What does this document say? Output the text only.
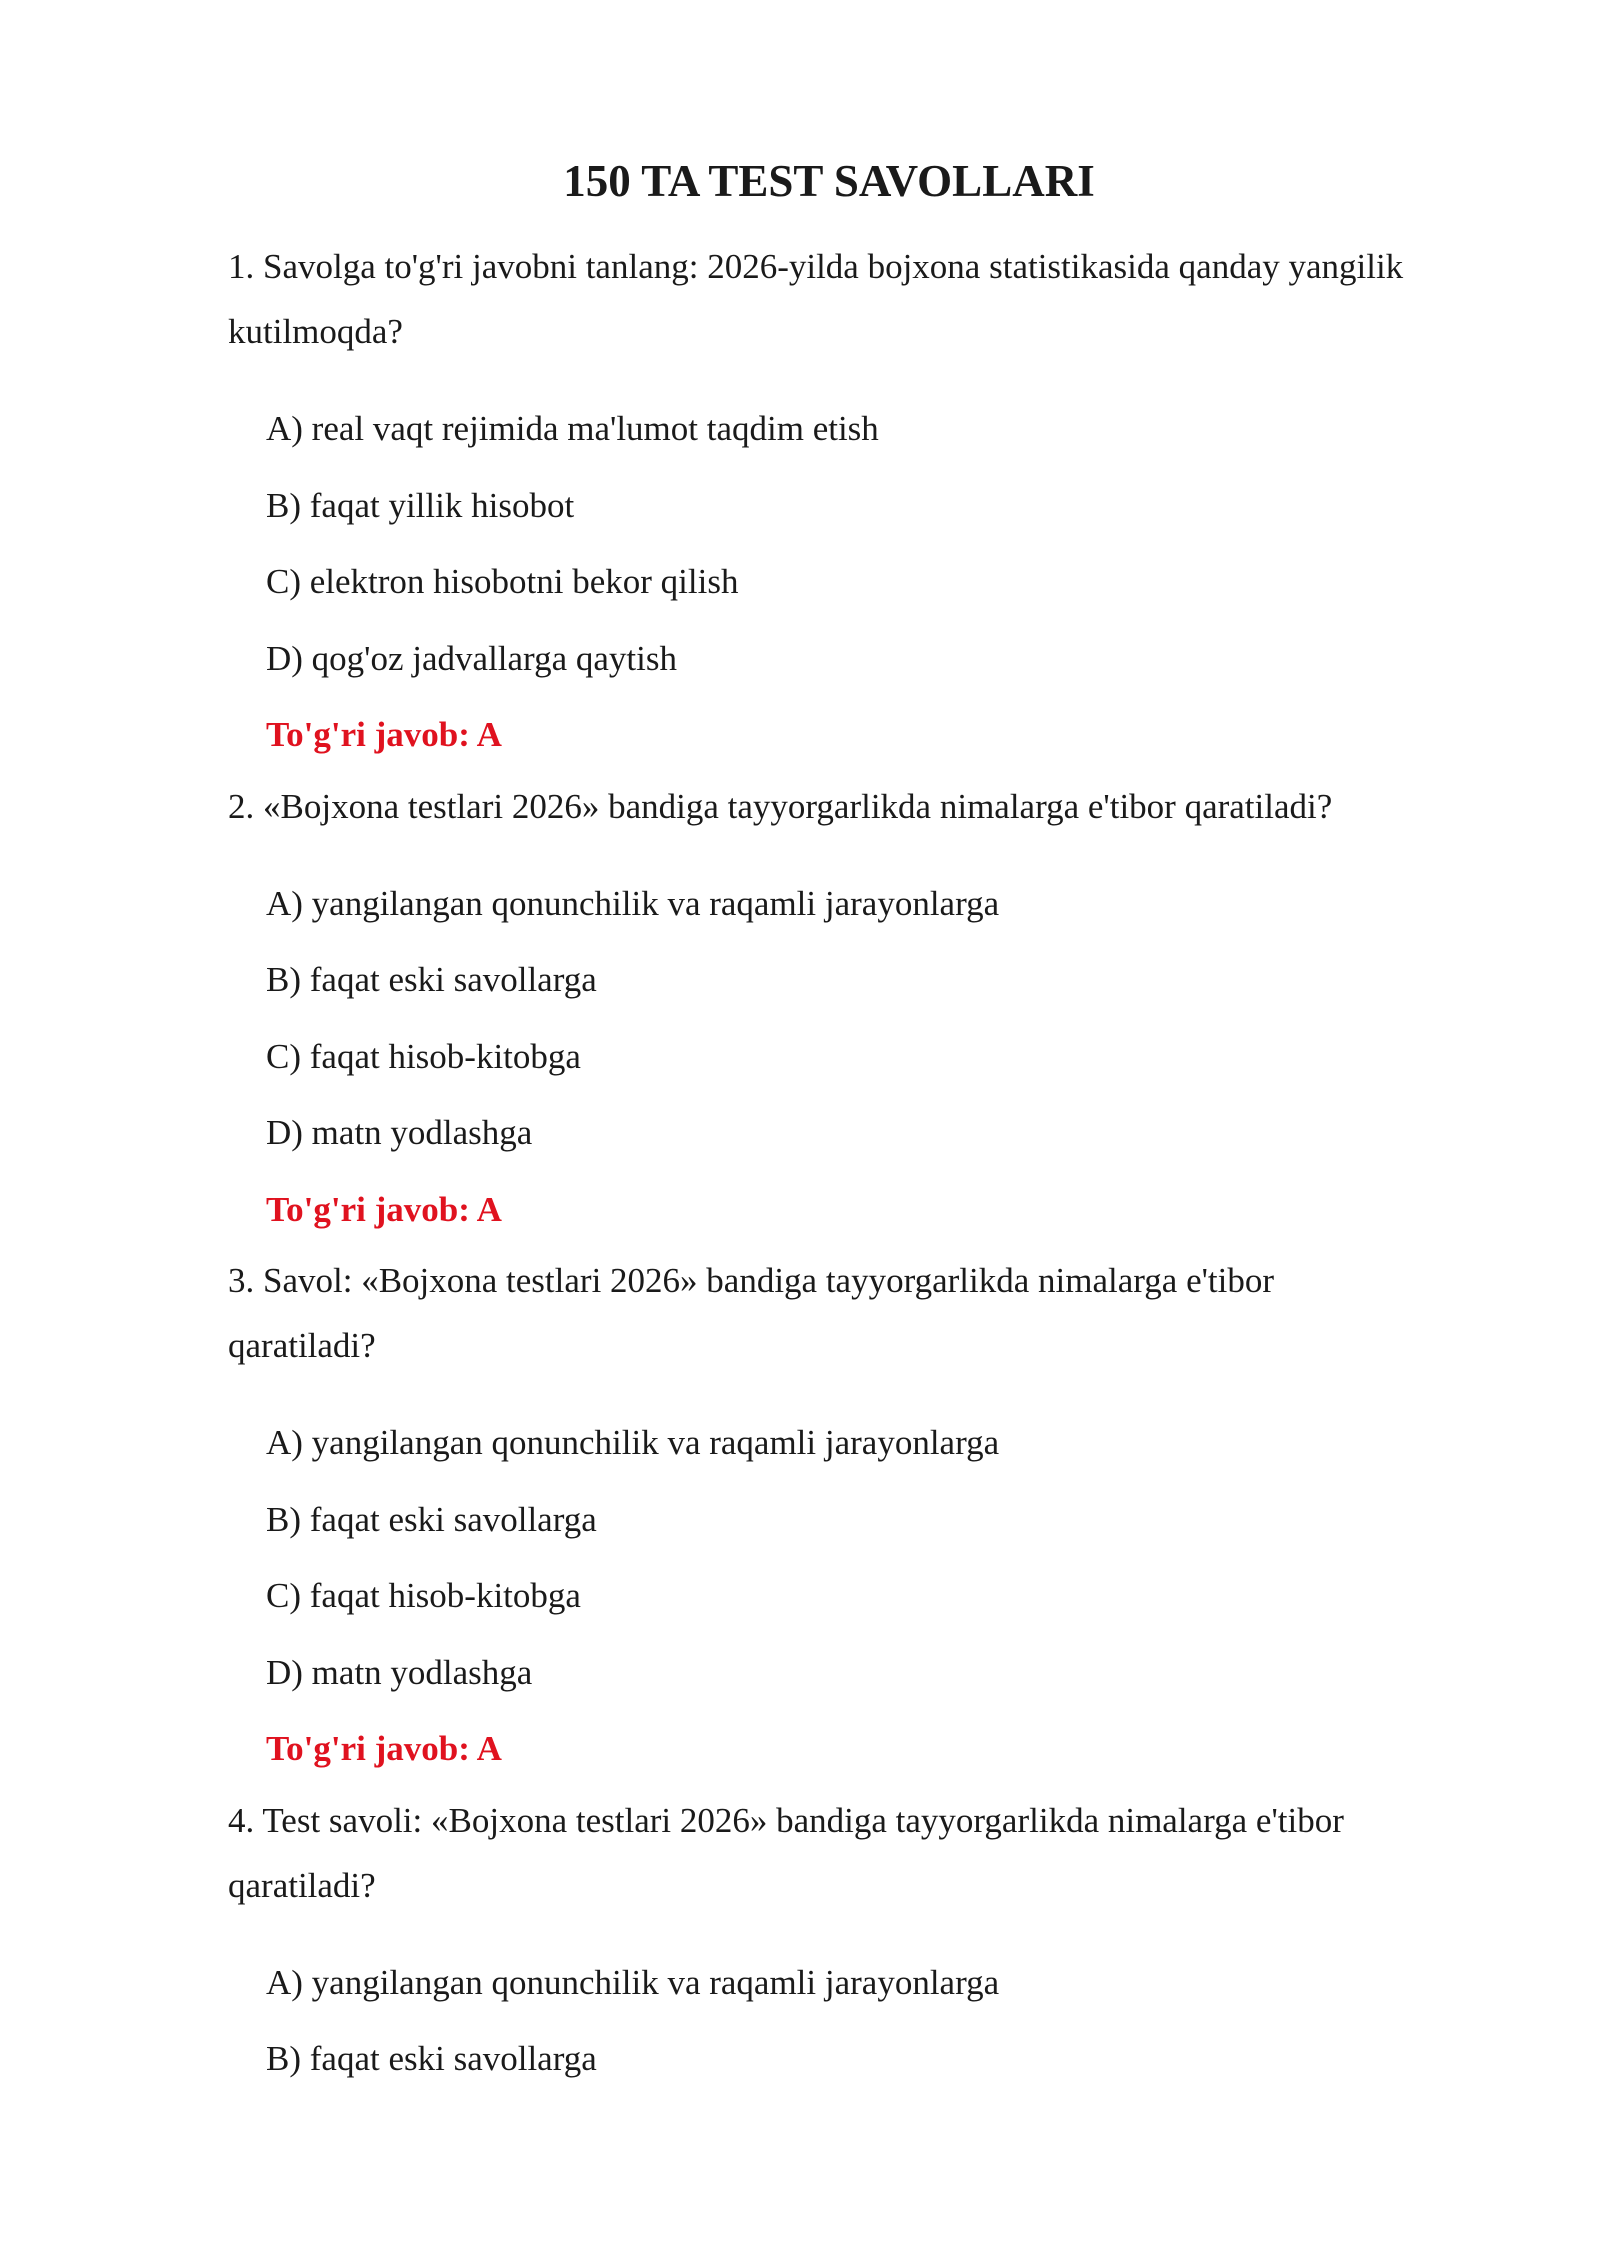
150 TA TEST SAVOLLARI

1. Savolga to'g'ri javobni tanlang: 2026-yilda bojxona statistikasida qanday yangilik kutilmoqda?

A) real vaqt rejimida ma'lumot taqdim etish
B) faqat yillik hisobot
C) elektron hisobotni bekor qilish
D) qog'oz jadvallarga qaytish
To'g'ri javob: A

2. «Bojxona testlari 2026» bandiga tayyorgarlikda nimalarga e'tibor qaratiladi?

A) yangilangan qonunchilik va raqamli jarayonlarga
B) faqat eski savollarga
C) faqat hisob-kitobga
D) matn yodlashga
To'g'ri javob: A

3. Savol: «Bojxona testlari 2026» bandiga tayyorgarlikda nimalarga e'tibor qaratiladi?

A) yangilangan qonunchilik va raqamli jarayonlarga
B) faqat eski savollarga
C) faqat hisob-kitobga
D) matn yodlashga
To'g'ri javob: A

4. Test savoli: «Bojxona testlari 2026» bandiga tayyorgarlikda nimalarga e'tibor qaratiladi?

A) yangilangan qonunchilik va raqamli jarayonlarga
B) faqat eski savollarga
